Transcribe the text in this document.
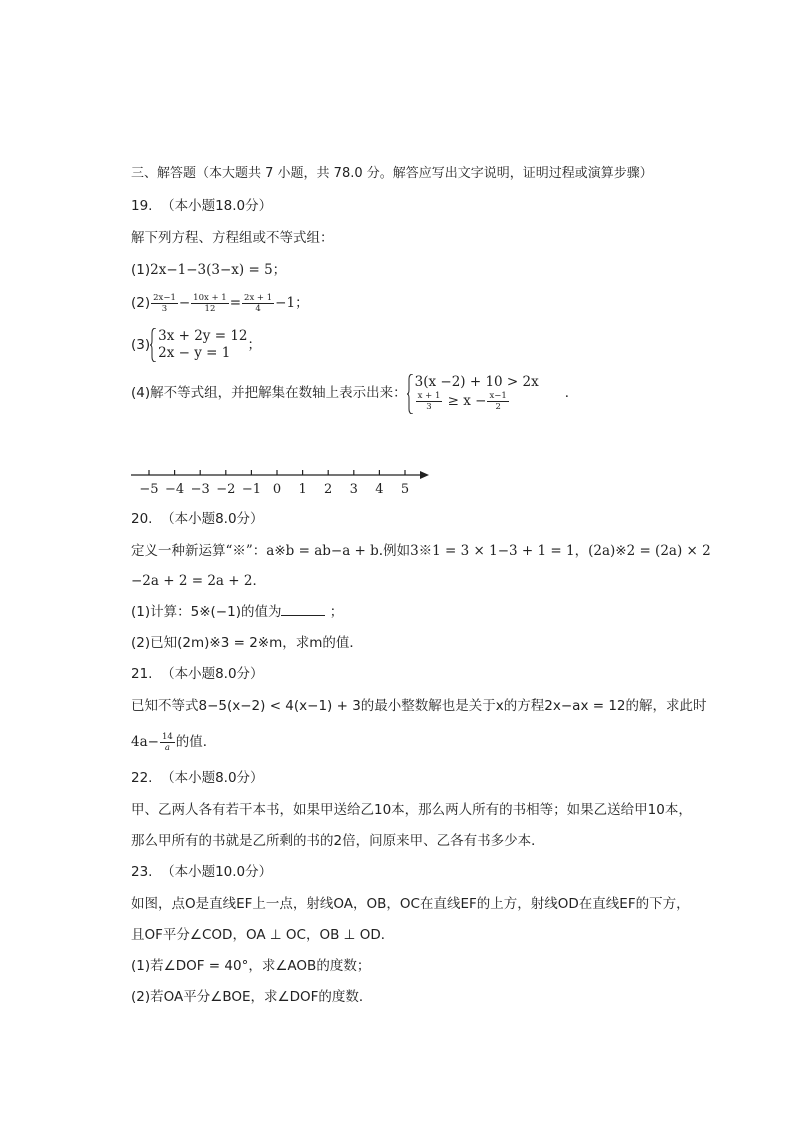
三、解答题（本大题共 7 小题，共 78.0 分。解答应写出文字说明，证明过程或演算步骤）
19. （本小题18.0分）
解下列方程、方程组或不等式组：
(1)2x−1−3(3−x) = 5；
$(2) \frac{2x-1}{3} - \frac{10x + 1}{12} = \frac{2x + 1}{4} -1$；
(3)
3x + 2y = 12
2x − y = 1	；
(4)解不等式组，并把解集在数轴上表示出来：
3(x −2) + 10 > 2x
$\frac{x + 1}{3} \ge x - \frac{x-1}{2}$	．
−5 −4 −3 −2 −1 0 1 2 3 4 5
20. （本小题8.0分）
定义一种新运算“※”：a※b = ab−a + b.例如3※1 = 3 × 1−3 + 1 = 1，(2a)※2 = (2a) × 2
−2a + 2 = 2a + 2．
(1)计算：5※(−1)的值为	；
(2)已知(2m)※3 = 2※m，求m的值．
21. （本小题8.0分）
已知不等式8−5(x−2) < 4(x−1) + 3的最小整数解也是关于x的方程2x−ax = 12的解，求此时
$4a- \frac{14}{a}$ 的值．
22. （本小题8.0分）
甲、乙两人各有若干本书，如果甲送给乙10本，那么两人所有的书相等；如果乙送给甲10本，
那么甲所有的书就是乙所剩的书的2倍，问原来甲、乙各有书多少本．
23. （本小题10.0分）
如图，点O是直线EF上一点，射线OA，OB，OC在直线EF的上方，射线OD在直线EF的下方，
且OF平分∠COD，OA ⊥ OC，OB ⊥ OD．
(1)若∠DOF = 40°，求∠AOB的度数；
(2)若OA平分∠BOE，求∠DOF的度数．
